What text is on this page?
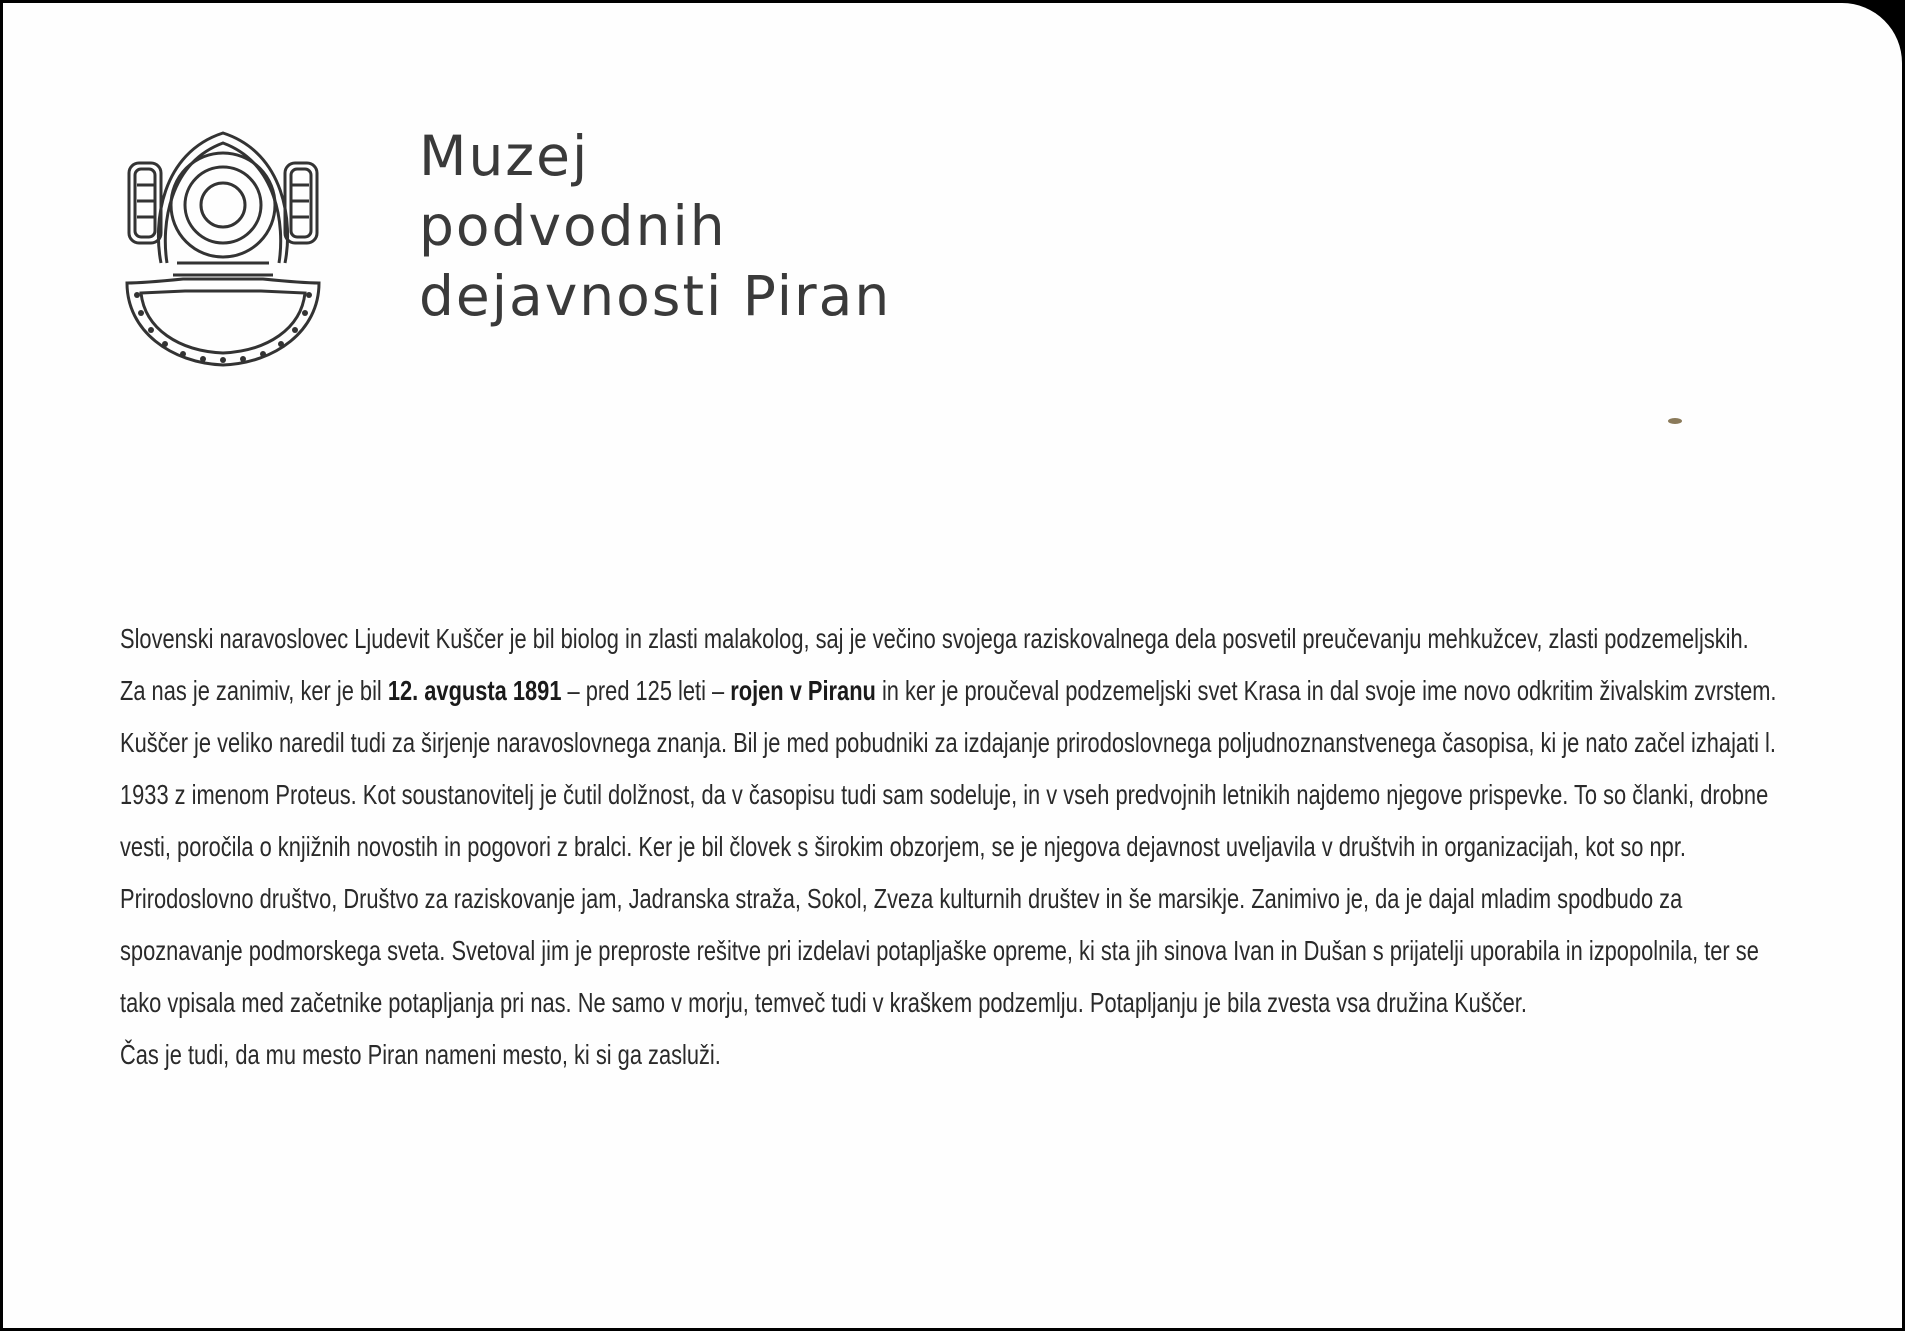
Muzej
podvodnih
dejavnosti Piran

Slovenski naravoslovec Ljudevit Kuščer je bil biolog in zlasti malakolog, saj je večino svojega raziskovalnega dela posvetil preučevanju mehkužcev, zlasti podzemeljskih.

Za nas je zanimiv, ker je bil 12. avgusta 1891 – pred 125 leti – rojen v Piranu in ker je proučeval podzemeljski svet Krasa in dal svoje ime novo odkritim živalskim zvrstem.

Kuščer je veliko naredil tudi za širjenje naravoslovnega znanja. Bil je med pobudniki za izdajanje prirodoslovnega poljudnoznanstvenega časopisa, ki je nato začel izhajati l. 1933 z imenom Proteus. Kot soustanovitelj je čutil dolžnost, da v časopisu tudi sam sodeluje, in v vseh predvojnih letnikih najdemo njegove prispevke. To so članki, drobne vesti, poročila o knjižnih novostih in pogovori z bralci. Ker je bil človek s širokim obzorjem, se je njegova dejavnost uveljavila v društvih in organizacijah, kot so npr. Prirodoslovno društvo, Društvo za raziskovanje jam, Jadranska straža, Sokol, Zveza kulturnih društev in še marsikje. Zanimivo je, da je dajal mladim spodbudo za spoznavanje podmorskega sveta. Svetoval jim je preproste rešitve pri izdelavi potapljaške opreme, ki sta jih sinova Ivan in Dušan s prijatelji uporabila in izpopolnila, ter se tako vpisala med začetnike potapljanja pri nas. Ne samo v morju, temveč tudi v kraškem podzemlju. Potapljanju je bila zvesta vsa družina Kuščer.

Čas je tudi, da mu mesto Piran nameni mesto, ki si ga zasluži.
